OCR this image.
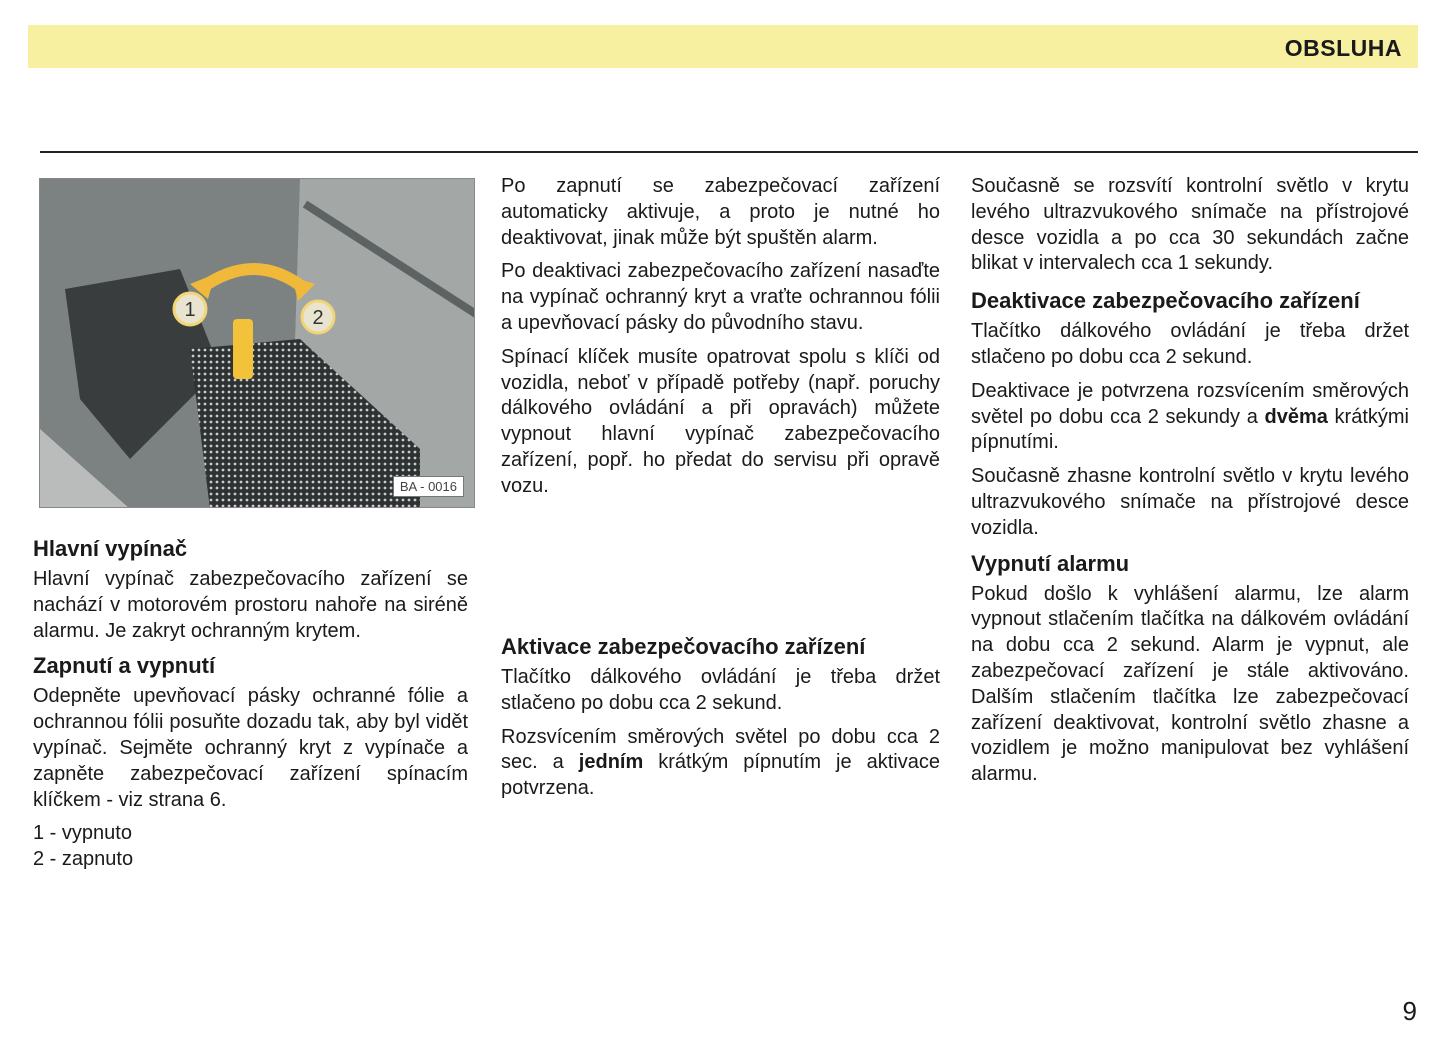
OBSLUHA
1	2
BA - 0016
Hlavní vypínač

Hlavní vypínač zabezpečovacího zařízení se nachází v motorovém prostoru nahoře na siréně alarmu. Je zakryt ochranným krytem.

Zapnutí a vypnutí

Odepněte upevňovací pásky ochranné fólie a ochrannou fólii posuňte dozadu tak, aby byl vidět vypínač. Sejměte ochranný kryt z vypínače a zapněte zabezpečovací zařízení spínacím klíčkem - viz strana 6.

1 - vypnuto
2 - zapnuto

Po zapnutí se zabezpečovací zařízení automaticky aktivuje, a proto je nutné ho deaktivovat, jinak může být spuštěn alarm.

Po deaktivaci zabezpečovacího zařízení nasaďte na vypínač ochranný kryt a vraťte ochrannou fólii a upevňovací pásky do původního stavu.

Spínací klíček musíte opatrovat spolu s klíči od vozidla, neboť v případě potřeby (např. poruchy dálkového ovládání a při opravách) můžete vypnout hlavní vypínač zabezpečovacího zařízení, popř. ho předat do servisu při opravě vozu.

Aktivace zabezpečovacího zařízení

Tlačítko dálkového ovládání je třeba držet stlačeno po dobu cca 2 sekund.

Rozsvícením směrových světel po dobu cca 2 sec. a jedním krátkým pípnutím je aktivace potvrzena.

Současně se rozsvítí kontrolní světlo v krytu levého ultrazvukového snímače na přístrojové desce vozidla a po cca 30 sekundách začne blikat v intervalech cca 1 sekundy.

Deaktivace zabezpečovacího zařízení

Tlačítko dálkového ovládání je třeba držet stlačeno po dobu cca 2 sekund.

Deaktivace je potvrzena rozsvícením směrových světel po dobu cca 2 sekundy a dvěma krátkými pípnutími.

Současně zhasne kontrolní světlo v krytu levého ultrazvukového snímače na přístrojové desce vozidla.

Vypnutí alarmu

Pokud došlo k vyhlášení alarmu, lze alarm vypnout stlačením tlačítka na dálkovém ovládání na dobu cca 2 sekund. Alarm je vypnut, ale zabezpečovací zařízení je stále aktivováno. Dalším stlačením tlačítka lze zabezpečovací zařízení deaktivovat, kontrolní světlo zhasne a vozidlem je možno manipulovat bez vyhlášení alarmu.

9
